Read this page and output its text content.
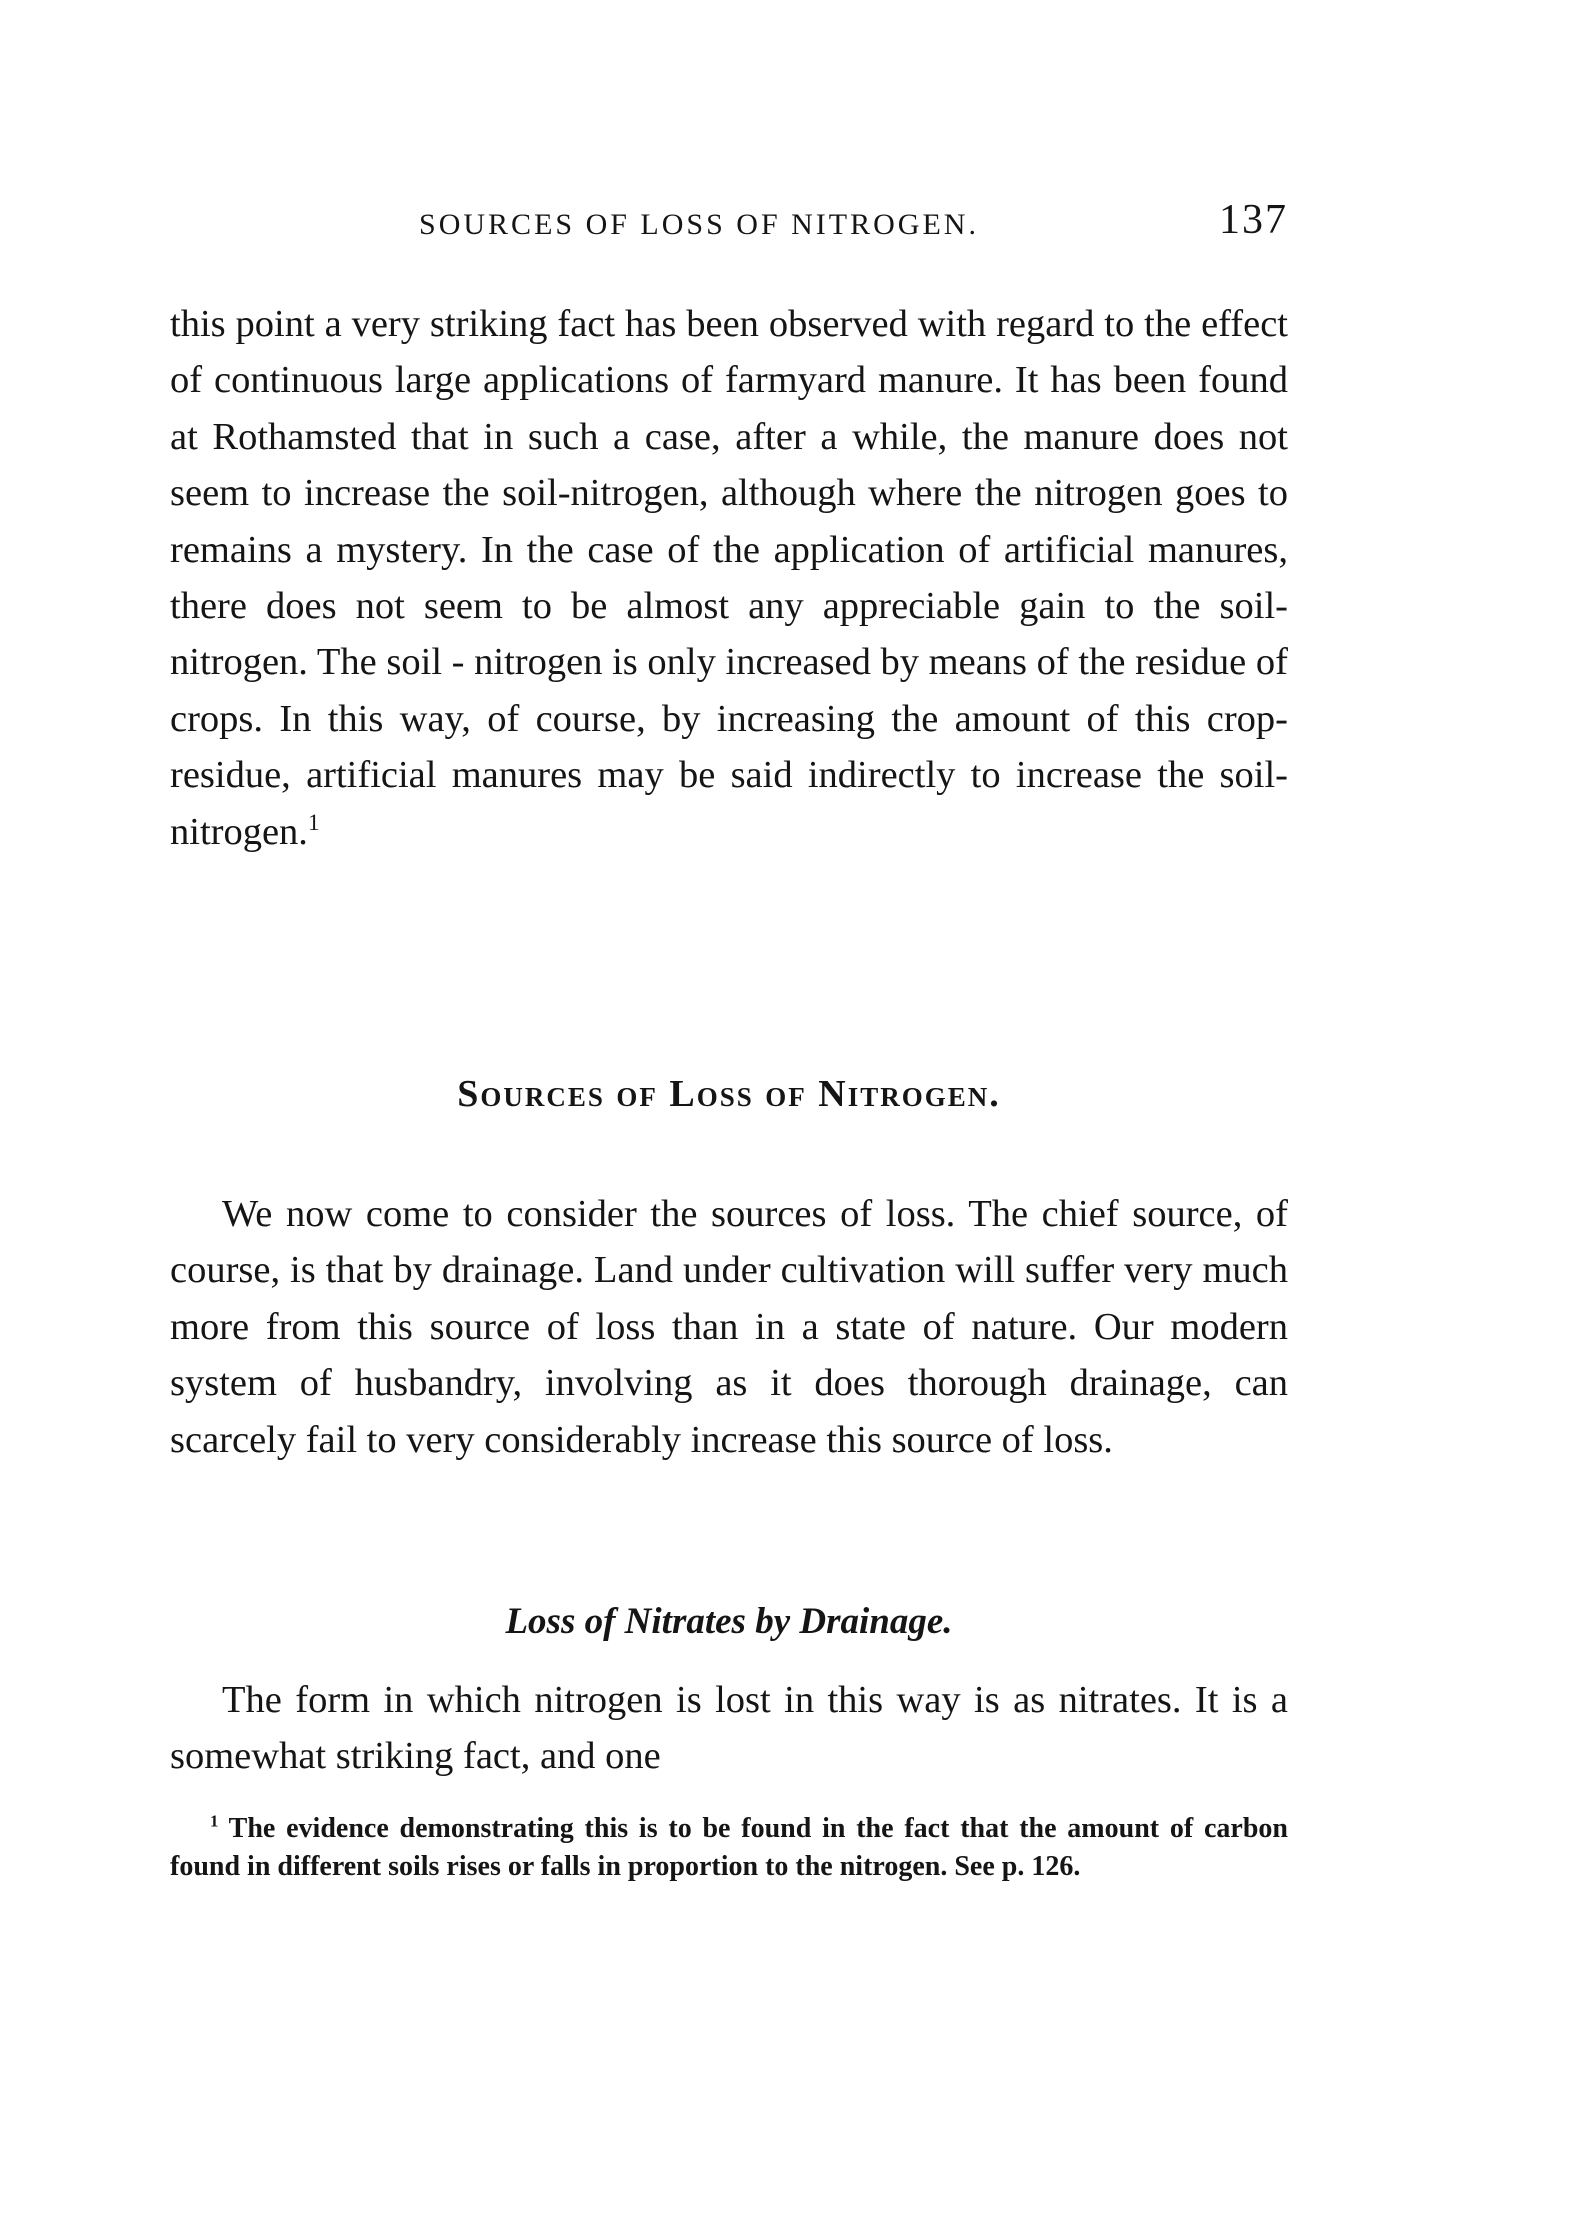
SOURCES OF LOSS OF NITROGEN.	137

this point a very striking fact has been observed with regard to the effect of continuous large applications of farmyard manure. It has been found at Rothamsted that in such a case, after a while, the manure does not seem to increase the soil-nitrogen, although where the nitrogen goes to remains a mystery. In the case of the application of artificial manures, there does not seem to be almost any appreciable gain to the soil-nitrogen. The soil - nitrogen is only increased by means of the residue of crops. In this way, of course, by increasing the amount of this crop-residue, artificial manures may be said indirectly to increase the soil-nitrogen.$^1$

Sources of Loss of Nitrogen.

We now come to consider the sources of loss. The chief source, of course, is that by drainage. Land under cultivation will suffer very much more from this source of loss than in a state of nature. Our modern system of husbandry, involving as it does thorough drainage, can scarcely fail to very considerably increase this source of loss.

Loss of Nitrates by Drainage.

The form in which nitrogen is lost in this way is as nitrates. It is a somewhat striking fact, and one

$^1$ The evidence demonstrating this is to be found in the fact that the amount of carbon found in different soils rises or falls in proportion to the nitrogen. See p. 126.
